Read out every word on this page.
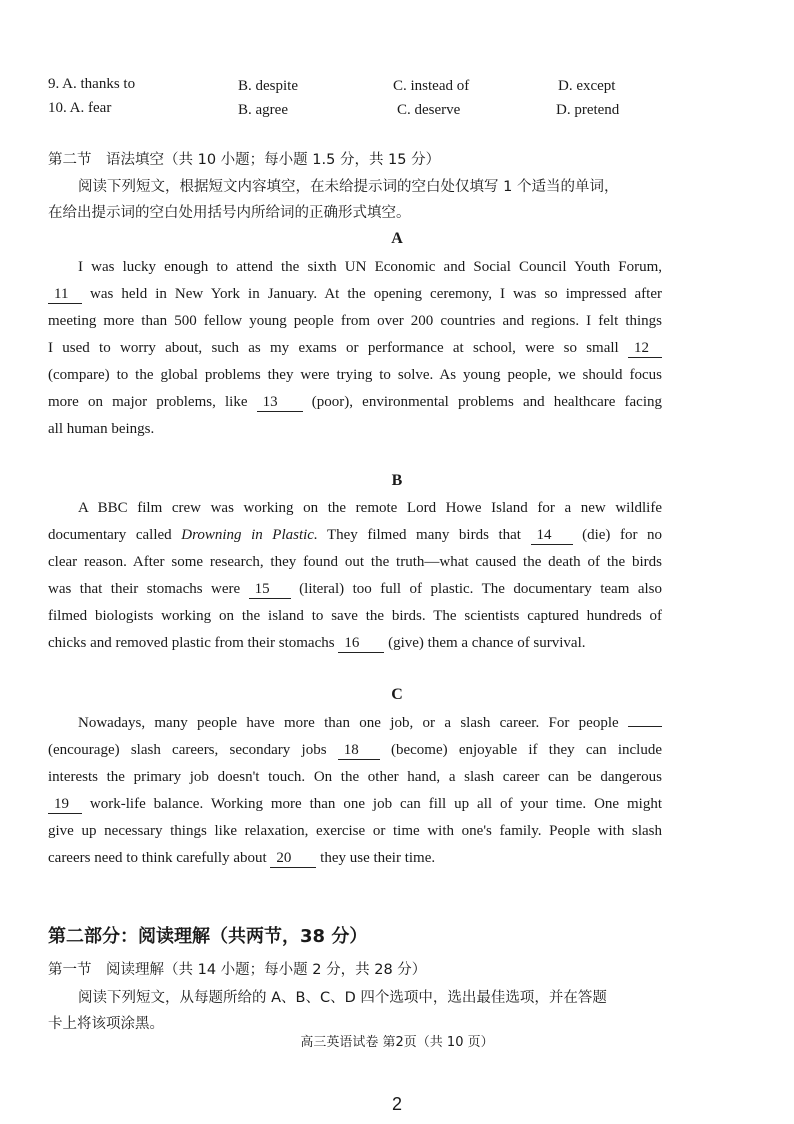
9. A. thanks to	B. despite	C. instead of	D. except
10. A. fear	B. agree	C. deserve	D. pretend
第二节　语法填空（共 10 小题；每小题 1.5 分，共 15 分）
阅读下列短文，根据短文内容填空，在未给提示词的空白处仅填写 1 个适当的单词，
在给出提示词的空白处用括号内所给词的正确形式填空。
A
I was lucky enough to attend the sixth UN Economic and Social Council Youth Forum,
11 was held in New York in January. At the opening ceremony, I was so impressed after
meeting more than 500 fellow young people from over 200 countries and regions. I felt things
I used to worry about, such as my exams or performance at school, were so small 12
(compare) to the global problems they were trying to solve. As young people, we should focus
more on major problems, like 13 (poor), environmental problems and healthcare facing
all human beings.
B
A BBC film crew was working on the remote Lord Howe Island for a new wildlife
documentary called Drowning in Plastic. They filmed many birds that 14 (die) for no
clear reason. After some research, they found out the truth—what caused the death of the birds
was that their stomachs were 15 (literal) too full of plastic. The documentary team also
filmed biologists working on the island to save the birds. The scientists captured hundreds of
chicks and removed plastic from their stomachs 16 (give) them a chance of survival.
C
Nowadays, many people have more than one job, or a slash career. For people
(encourage) slash careers, secondary jobs 18 (become) enjoyable if they can include
interests the primary job doesn't touch. On the other hand, a slash career can be dangerous
19 work-life balance. Working more than one job can fill up all of your time. One might
give up necessary things like relaxation, exercise or time with one's family. People with slash
careers need to think carefully about 20 they use their time.
第二部分：阅读理解（共两节，38 分）
第一节　阅读理解（共 14 小题；每小题 2 分，共 28 分）
阅读下列短文，从每题所给的 A、B、C、D 四个选项中，选出最佳选项，并在答题
卡上将该项涂黑。
高三英语试卷 第2页（共 10 页）
2
